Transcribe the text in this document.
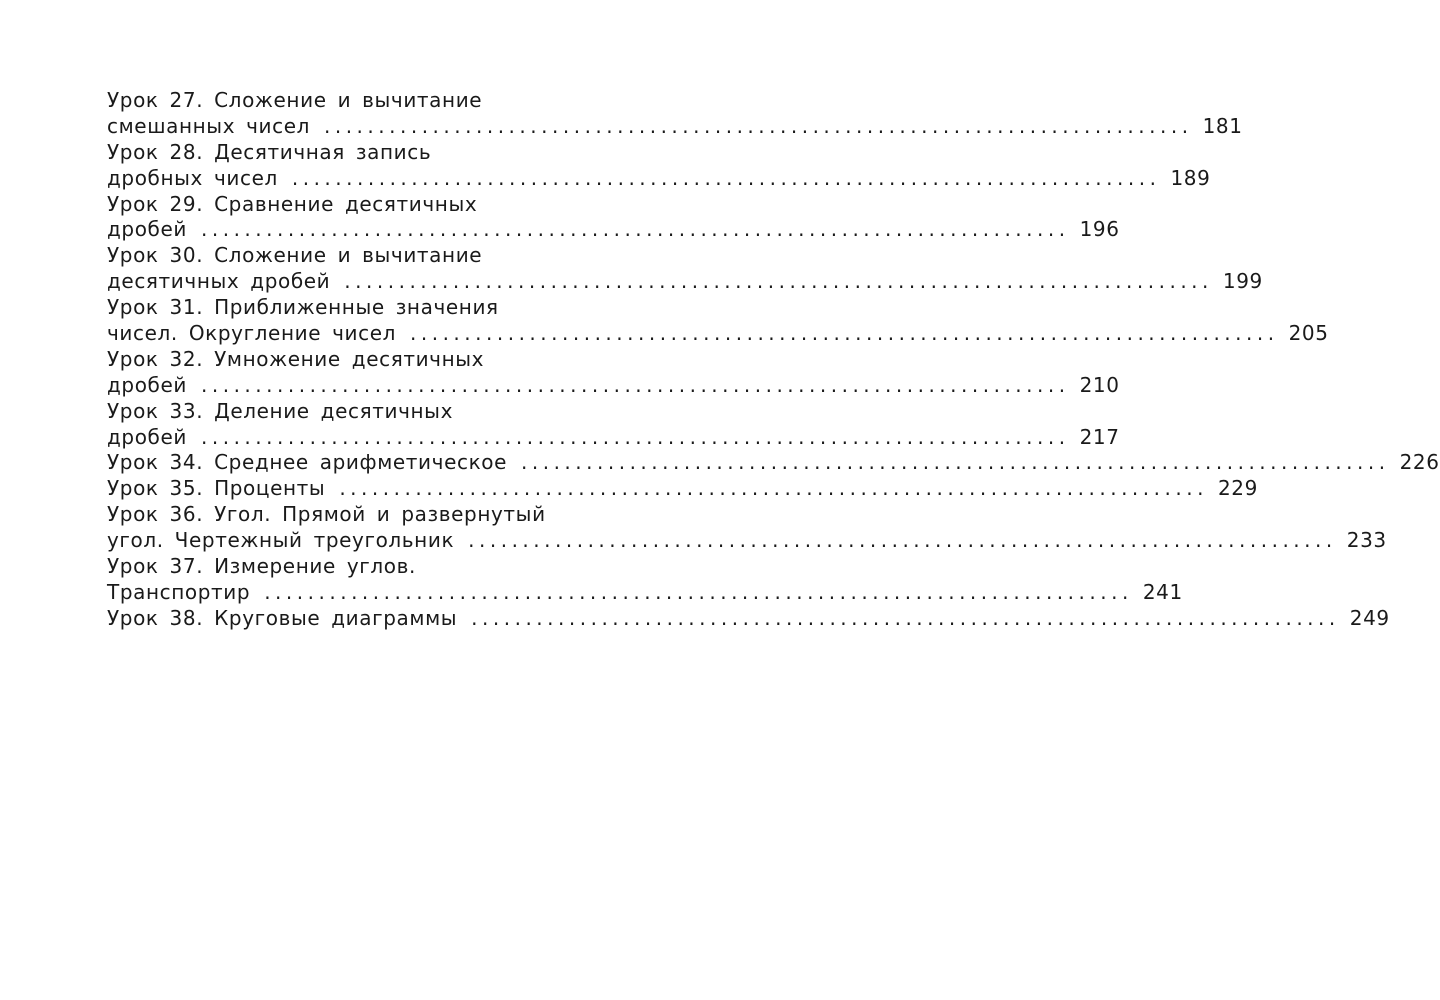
Урок 27. Сложение и вычитание
смешанных чисел ................................................................................ 181
Урок 28. Десятичная запись
дробных чисел ................................................................................ 189
Урок 29. Сравнение десятичных
дробей ................................................................................ 196
Урок 30. Сложение и вычитание
десятичных дробей ................................................................................ 199
Урок 31. Приближенные значения
чисел. Округление чисел ................................................................................ 205
Урок 32. Умножение десятичных
дробей ................................................................................ 210
Урок 33. Деление десятичных
дробей ................................................................................ 217
Урок 34. Среднее арифметическое ................................................................................ 226
Урок 35. Проценты ................................................................................ 229
Урок 36. Угол. Прямой и развернутый
угол. Чертежный треугольник ................................................................................ 233
Урок 37. Измерение углов.
Транспортир ................................................................................ 241
Урок 38. Круговые диаграммы ................................................................................ 249
